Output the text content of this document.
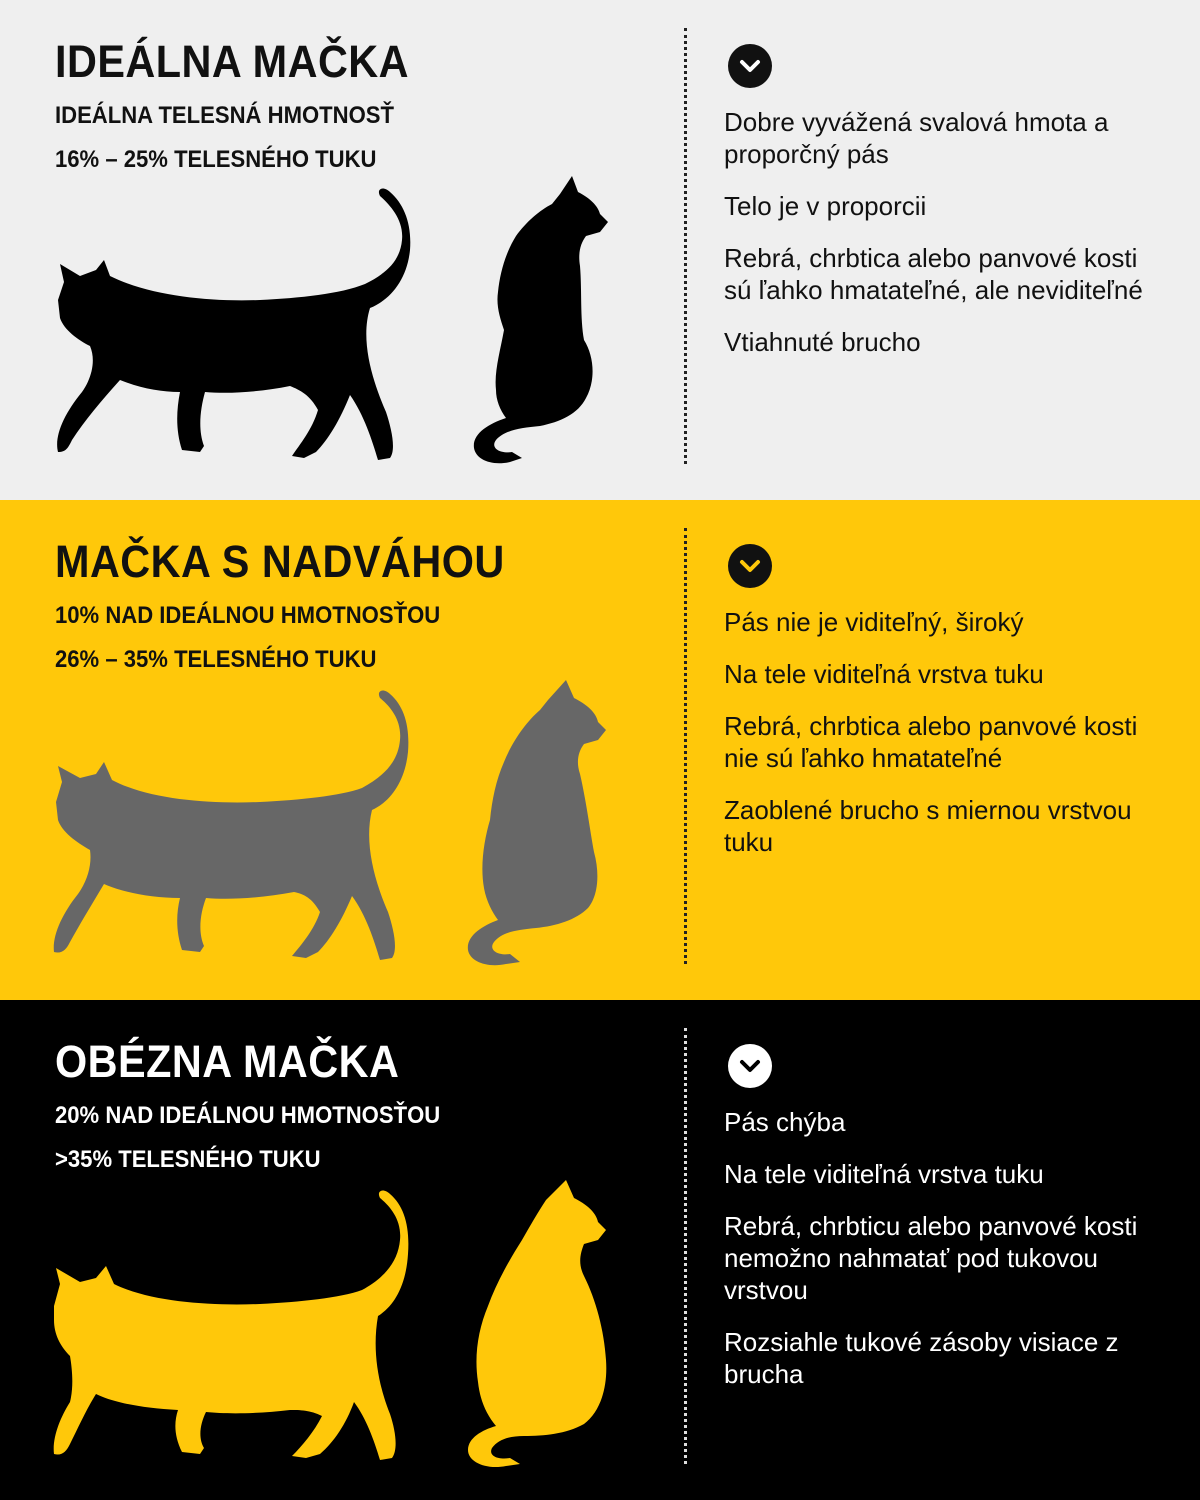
IDEÁLNA MAČKA

IDEÁLNA TELESNÁ HMOTNOSŤ

16% – 25% TELESNÉHO TUKU

Dobre vyvážená svalová hmota a proporčný pás
Telo je v proporcii
Rebrá, chrbtica alebo panvové kosti sú ľahko hmatateľné, ale neviditeľné
Vtiahnuté brucho
MAČKA S NADVÁHOU

10% NAD IDEÁLNOU HMOTNOSŤOU

26% – 35% TELESNÉHO TUKU

Pás nie je viditeľný, široký
Na tele viditeľná vrstva tuku
Rebrá, chrbtica alebo panvové kosti nie sú ľahko hmatateľné
Zaoblené brucho s miernou vrstvou tuku
OBÉZNA MAČKA

20% NAD IDEÁLNOU HMOTNOSŤOU

>35% TELESNÉHO TUKU

Pás chýba
Na tele viditeľná vrstva tuku
Rebrá, chrbticu alebo panvové kosti nemožno nahmatať pod tukovou vrstvou
Rozsiahle tukové zásoby visiace z brucha
